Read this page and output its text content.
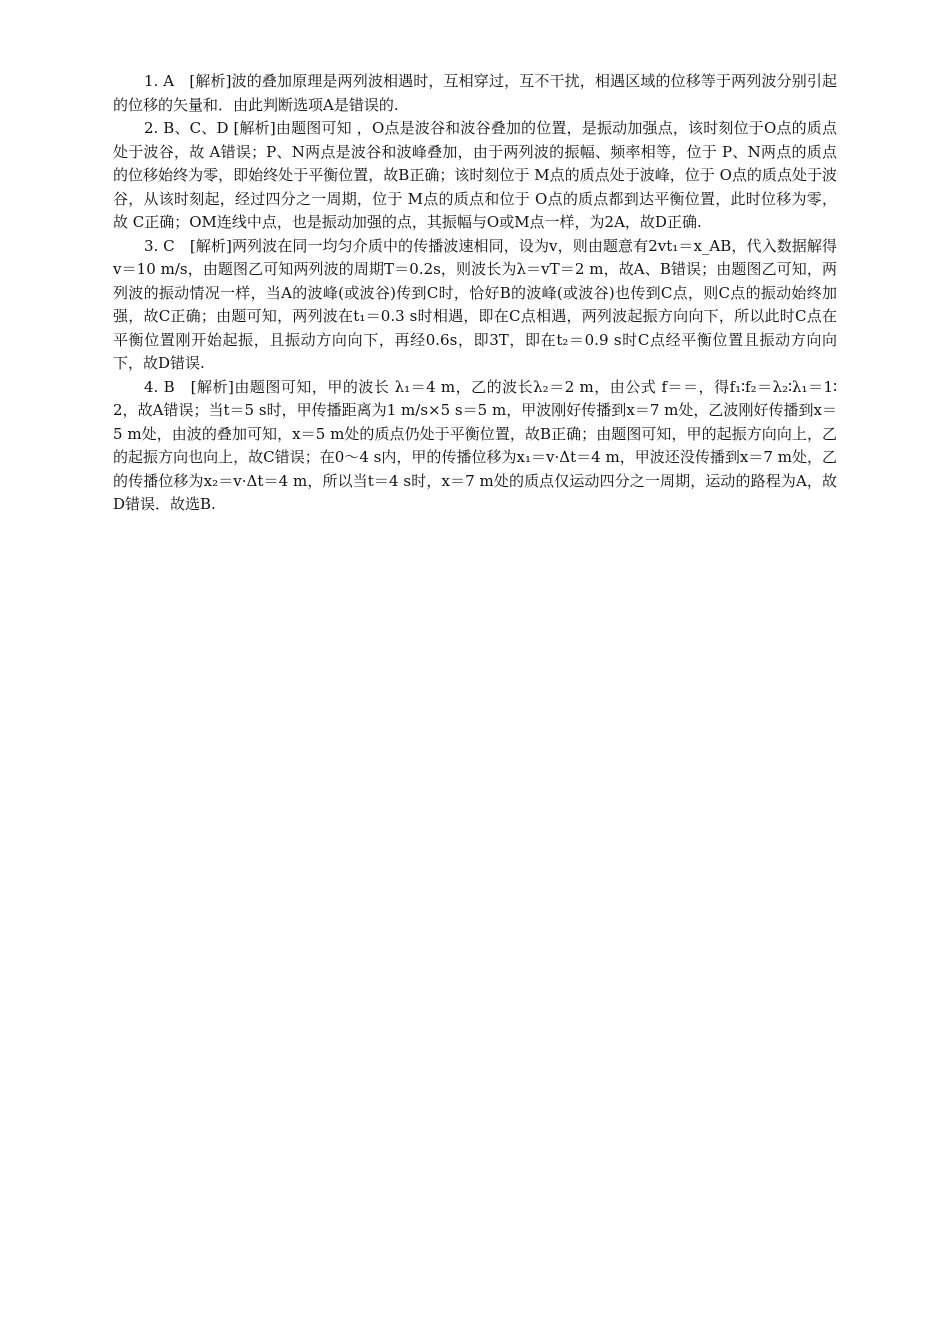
1. A　[解析]波的叠加原理是两列波相遇时，互相穿过，互不干扰，相遇区域的位移等于两列波分别引起的位移的矢量和．由此判断选项A是错误的.

2. B、C、D [解析]由题图可知 ，O点是波谷和波谷叠加的位置，是振动加强点，该时刻位于O点的质点处于波谷，故 A错误；P、N两点是波谷和波峰叠加，由于两列波的振幅、频率相等，位于 P、N两点的质点的位移始终为零，即始终处于平衡位置，故B正确；该时刻位于 M点的质点处于波峰，位于 O点的质点处于波谷，从该时刻起，经过四分之一周期，位于 M点的质点和位于 O点的质点都到达平衡位置，此时位移为零，故 C正确；OM连线中点，也是振动加强的点，其振幅与O或M点一样，为2A，故D正确.

3. C　[解析]两列波在同一均匀介质中的传播波速相同，设为v，则由题意有2vt₁＝x_AB，代入数据解得v＝10 m/s，由题图乙可知两列波的周期T＝0.2s，则波长为λ＝vT＝2 m，故A、B错误；由题图乙可知，两列波的振动情况一样，当A的波峰(或波谷)传到C时，恰好B的波峰(或波谷)也传到C点，则C点的振动始终加强，故C正确；由题可知，两列波在t₁＝0.3 s时相遇，即在C点相遇，两列波起振方向向下，所以此时C点在平衡位置刚开始起振，且振动方向向下，再经0.6s，即3T，即在t₂＝0.9 s时C点经平衡位置且振动方向向下，故D错误.

4. B　[解析]由题图可知，甲的波长 λ₁＝4 m，乙的波长λ₂＝2 m，由公式 f＝＝，得f₁∶f₂＝λ₂∶λ₁＝1∶2，故A错误；当t＝5 s时，甲传播距离为1 m/s×5 s＝5 m，甲波刚好传播到x＝7 m处，乙波刚好传播到x＝5 m处，由波的叠加可知，x＝5 m处的质点仍处于平衡位置，故B正确；由题图可知，甲的起振方向向上，乙的起振方向也向上，故C错误；在0～4 s内，甲的传播位移为x₁＝v·Δt＝4 m，甲波还没传播到x＝7 m处，乙的传播位移为x₂＝v·Δt＝4 m，所以当t＝4 s时，x＝7 m处的质点仅运动四分之一周期，运动的路程为A，故D错误．故选B.
